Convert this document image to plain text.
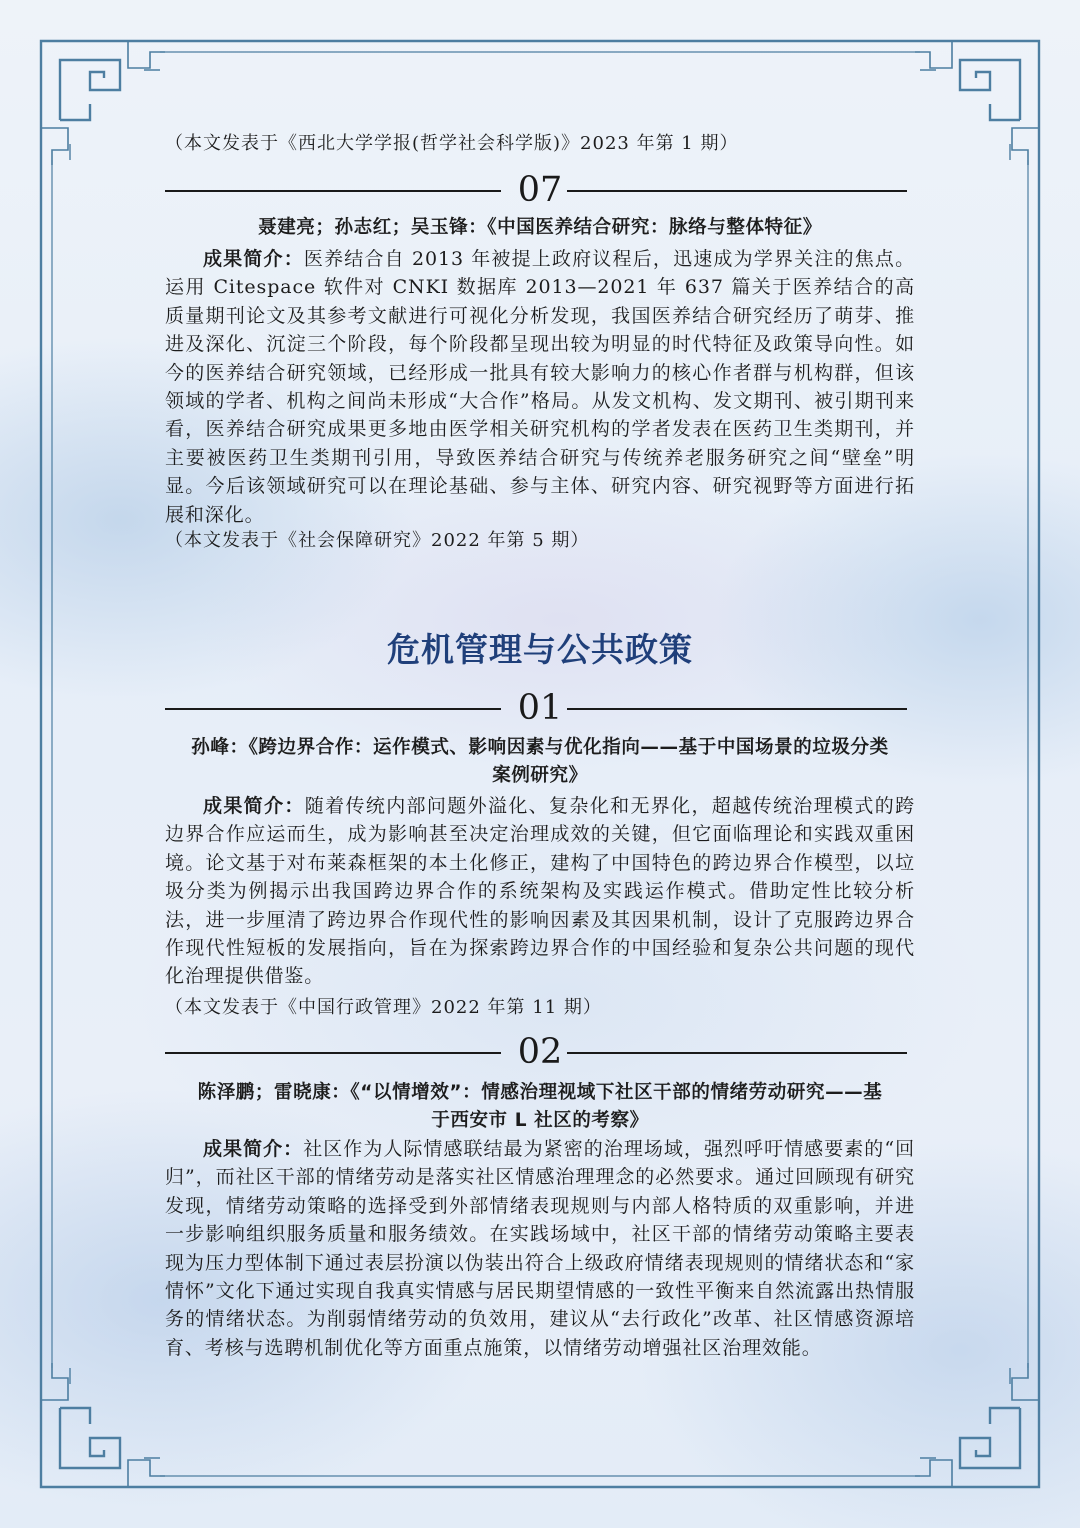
（本文发表于《西北大学学报(哲学社会科学版)》2023 年第 1 期）

07

聂建亮；孙志红；吴玉锋：《中国医养结合研究：脉络与整体特征》

成果简介：医养结合自 2013 年被提上政府议程后，迅速成为学界关注的焦点。运用 Citespace 软件对 CNKI 数据库 2013—2021 年 637 篇关于医养结合的高质量期刊论文及其参考文献进行可视化分析发现，我国医养结合研究经历了萌芽、推进及深化、沉淀三个阶段，每个阶段都呈现出较为明显的时代特征及政策导向性。如今的医养结合研究领域，已经形成一批具有较大影响力的核心作者群与机构群，但该领域的学者、机构之间尚未形成“大合作”格局。从发文机构、发文期刊、被引期刊来看，医养结合研究成果更多地由医学相关研究机构的学者发表在医药卫生类期刊，并主要被医药卫生类期刊引用，导致医养结合研究与传统养老服务研究之间“壁垒”明显。今后该领域研究可以在理论基础、参与主体、研究内容、研究视野等方面进行拓展和深化。

（本文发表于《社会保障研究》2022 年第 5 期）

危机管理与公共政策
01

孙峰：《跨边界合作：运作模式、影响因素与优化指向——基于中国场景的垃圾分类

案例研究》

成果简介：随着传统内部问题外溢化、复杂化和无界化，超越传统治理模式的跨边界合作应运而生，成为影响甚至决定治理成效的关键，但它面临理论和实践双重困境。论文基于对布莱森框架的本土化修正，建构了中国特色的跨边界合作模型，以垃圾分类为例揭示出我国跨边界合作的系统架构及实践运作模式。借助定性比较分析法，进一步厘清了跨边界合作现代性的影响因素及其因果机制，设计了克服跨边界合作现代性短板的发展指向，旨在为探索跨边界合作的中国经验和复杂公共问题的现代化治理提供借鉴。

（本文发表于《中国行政管理》2022 年第 11 期）

02

陈泽鹏；雷晓康：《“以情增效”：情感治理视域下社区干部的情绪劳动研究——基

于西安市 L 社区的考察》

成果简介：社区作为人际情感联结最为紧密的治理场域，强烈呼吁情感要素的“回归”，而社区干部的情绪劳动是落实社区情感治理理念的必然要求。通过回顾现有研究发现，情绪劳动策略的选择受到外部情绪表现规则与内部人格特质的双重影响，并进一步影响组织服务质量和服务绩效。在实践场域中，社区干部的情绪劳动策略主要表现为压力型体制下通过表层扮演以伪装出符合上级政府情绪表现规则的情绪状态和“家情怀”文化下通过实现自我真实情感与居民期望情感的一致性平衡来自然流露出热情服务的情绪状态。为削弱情绪劳动的负效用，建议从“去行政化”改革、社区情感资源培育、考核与选聘机制优化等方面重点施策，以情绪劳动增强社区治理效能。
